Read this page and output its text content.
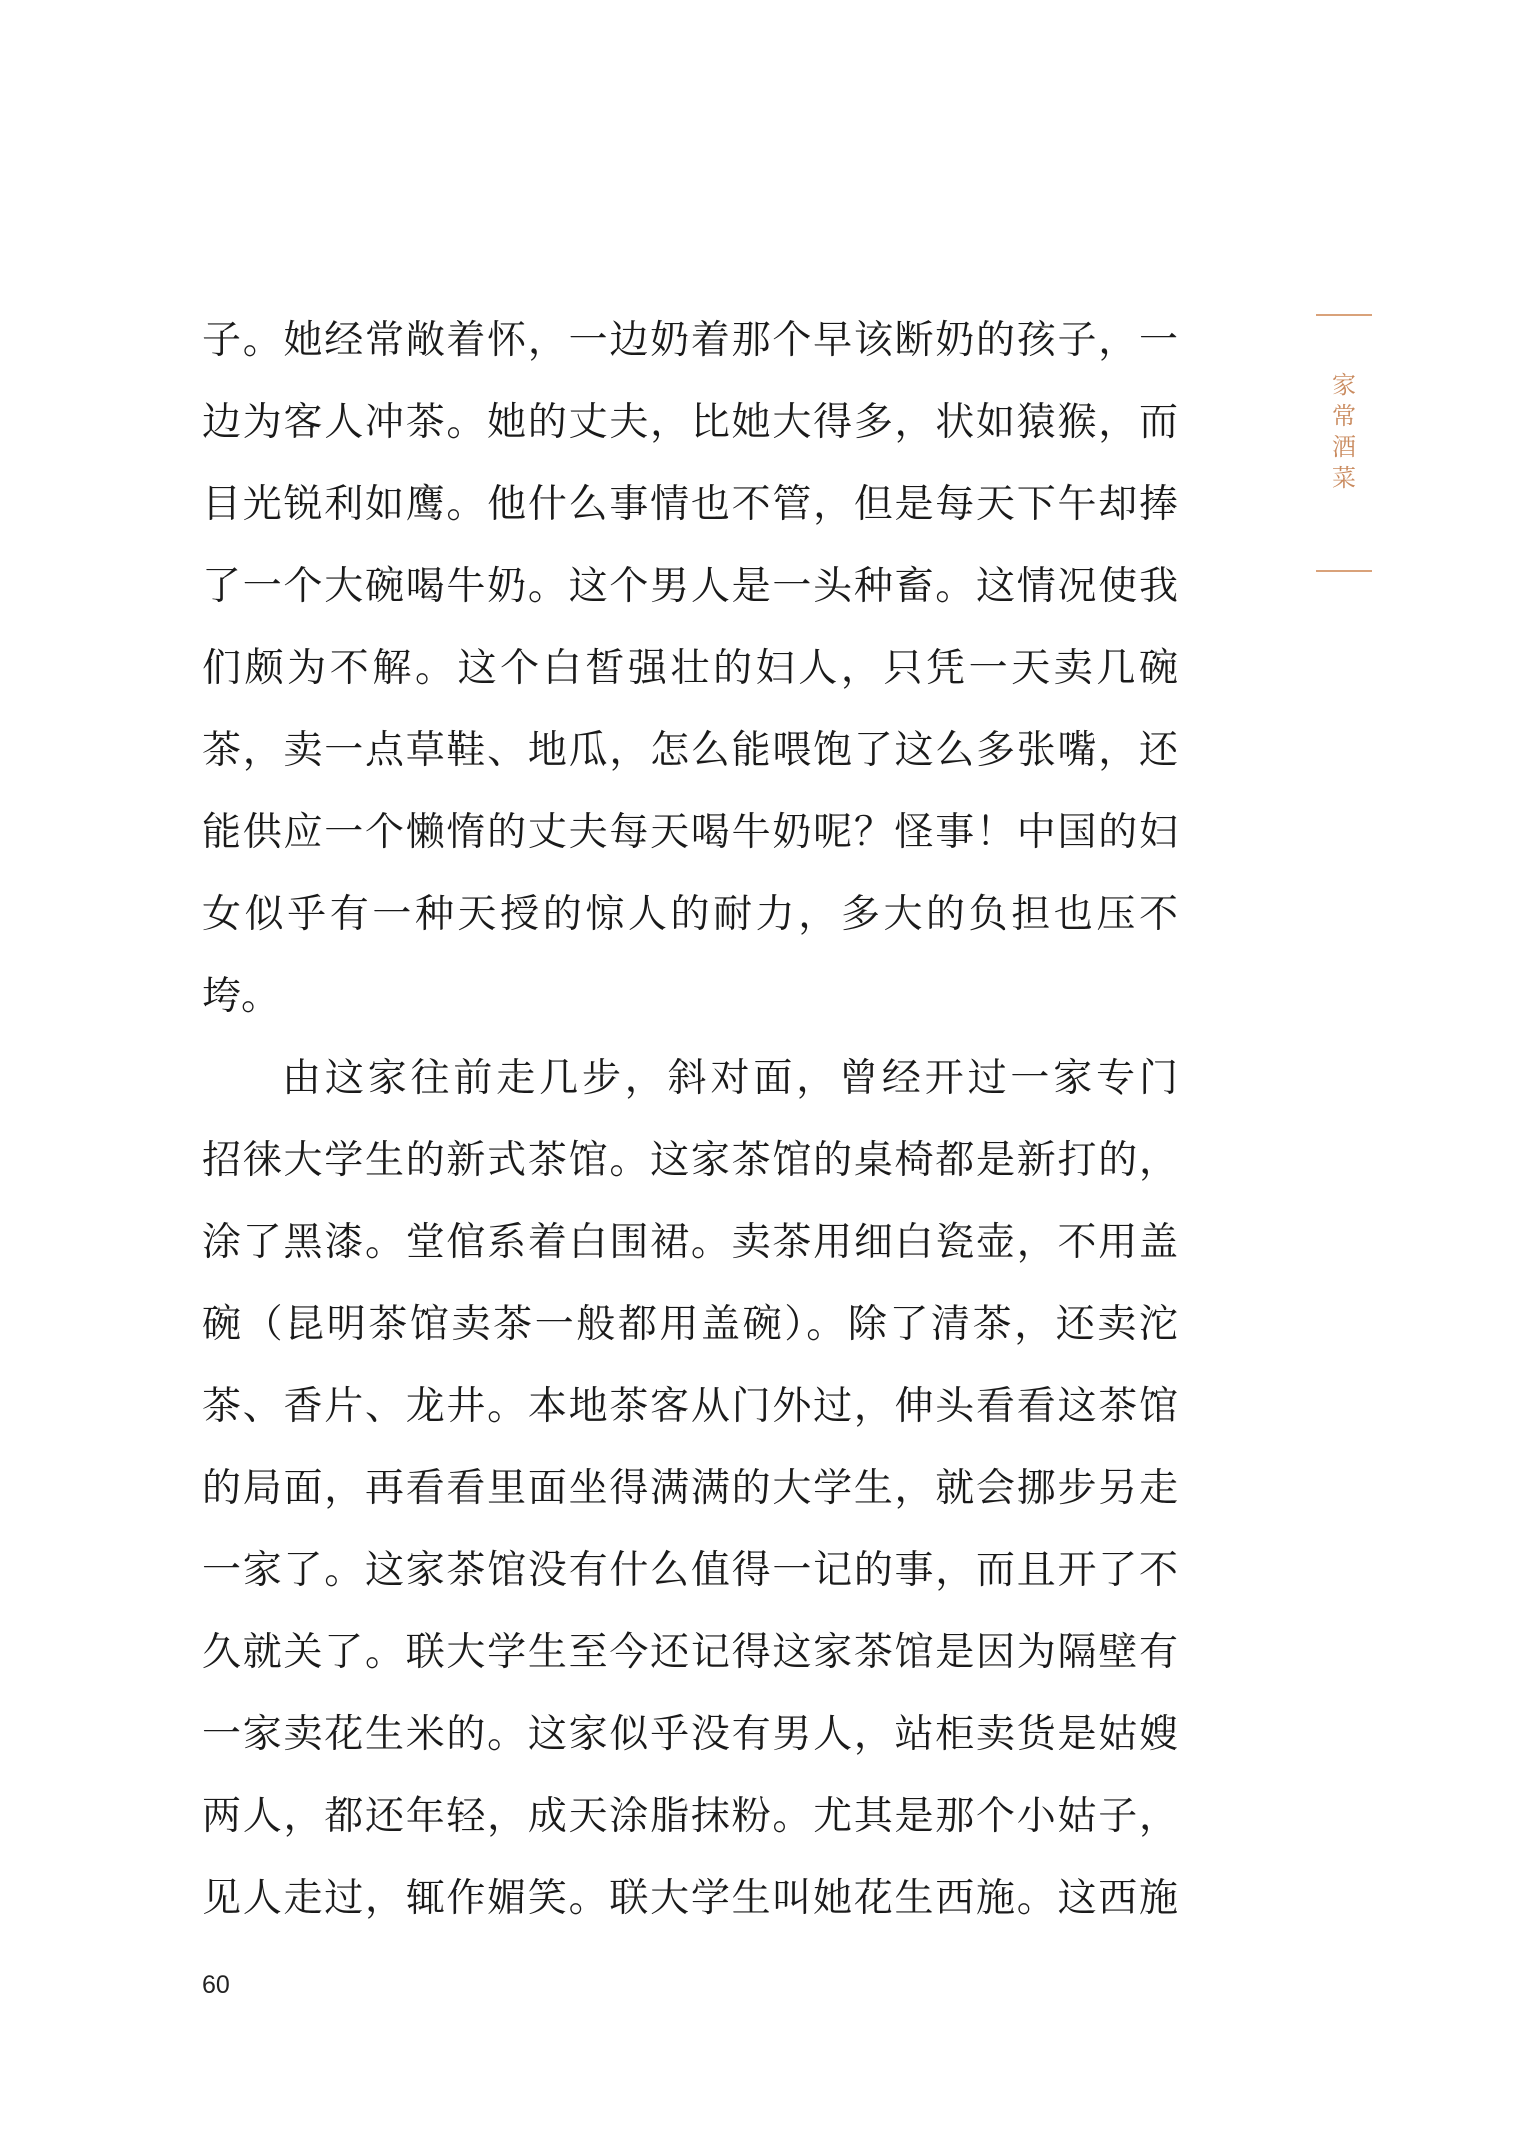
家常酒菜
子。她经常敞着怀，一边奶着那个早该断奶的孩子，一
边为客人冲茶。她的丈夫，比她大得多，状如猿猴，而
目光锐利如鹰。他什么事情也不管，但是每天下午却捧
了一个大碗喝牛奶。这个男人是一头种畜。这情况使我
们颇为不解。这个白皙强壮的妇人，只凭一天卖几碗
茶，卖一点草鞋、地瓜，怎么能喂饱了这么多张嘴，还
能供应一个懒惰的丈夫每天喝牛奶呢？怪事！中国的妇
女似乎有一种天授的惊人的耐力，多大的负担也压不
垮。
由这家往前走几步，斜对面，曾经开过一家专门
招徕大学生的新式茶馆。这家茶馆的桌椅都是新打的，
涂了黑漆。堂倌系着白围裙。卖茶用细白瓷壶，不用盖
碗（昆明茶馆卖茶一般都用盖碗）。除了清茶，还卖沱
茶、香片、龙井。本地茶客从门外过，伸头看看这茶馆
的局面，再看看里面坐得满满的大学生，就会挪步另走
一家了。这家茶馆没有什么值得一记的事，而且开了不
久就关了。联大学生至今还记得这家茶馆是因为隔壁有
一家卖花生米的。这家似乎没有男人，站柜卖货是姑嫂
两人，都还年轻，成天涂脂抹粉。尤其是那个小姑子，
见人走过，辄作媚笑。联大学生叫她花生西施。这西施
60
